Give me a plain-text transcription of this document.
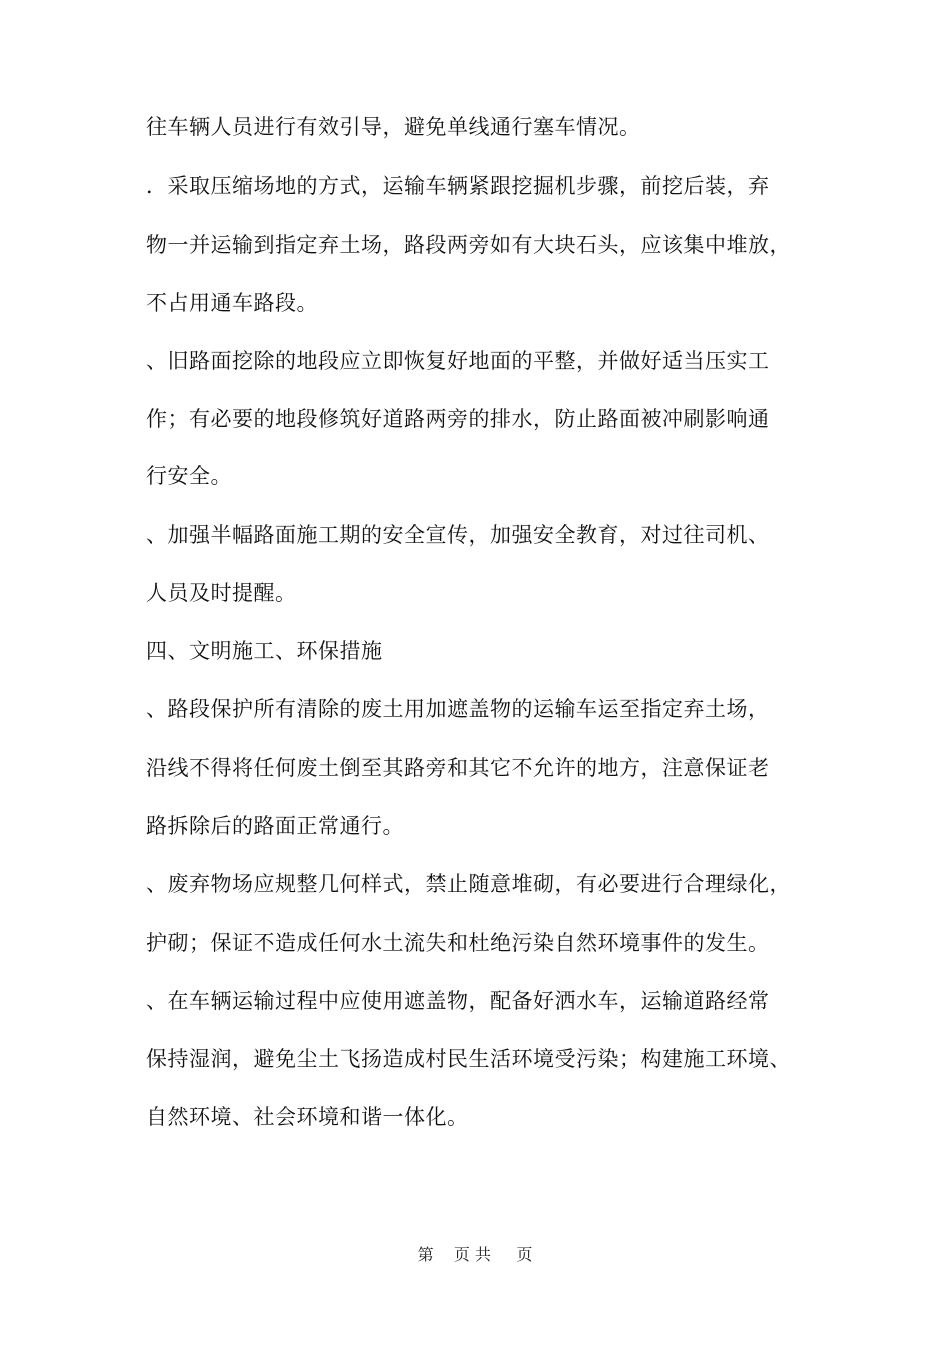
往车辆人员进行有效引导，避免单线通行塞车情况。
．采取压缩场地的方式，运输车辆紧跟挖掘机步骤，前挖后装，弃
物一并运输到指定弃土场，路段两旁如有大块石头，应该集中堆放，
不占用通车路段。
、旧路面挖除的地段应立即恢复好地面的平整，并做好适当压实工
作；有必要的地段修筑好道路两旁的排水，防止路面被冲刷影响通
行安全。
、加强半幅路面施工期的安全宣传，加强安全教育，对过往司机、
人员及时提醒。
四、文明施工、环保措施
、路段保护所有清除的废土用加遮盖物的运输车运至指定弃土场，
沿线不得将任何废土倒至其路旁和其它不允许的地方，注意保证老
路拆除后的路面正常通行。
、废弃物场应规整几何样式，禁止随意堆砌，有必要进行合理绿化，
护砌；保证不造成任何水土流失和杜绝污染自然环境事件的发生。
、在车辆运输过程中应使用遮盖物，配备好洒水车，运输道路经常
保持湿润，避免尘土飞扬造成村民生活环境受污染；构建施工环境、
自然环境、社会环境和谐一体化。
第    页 共     页
